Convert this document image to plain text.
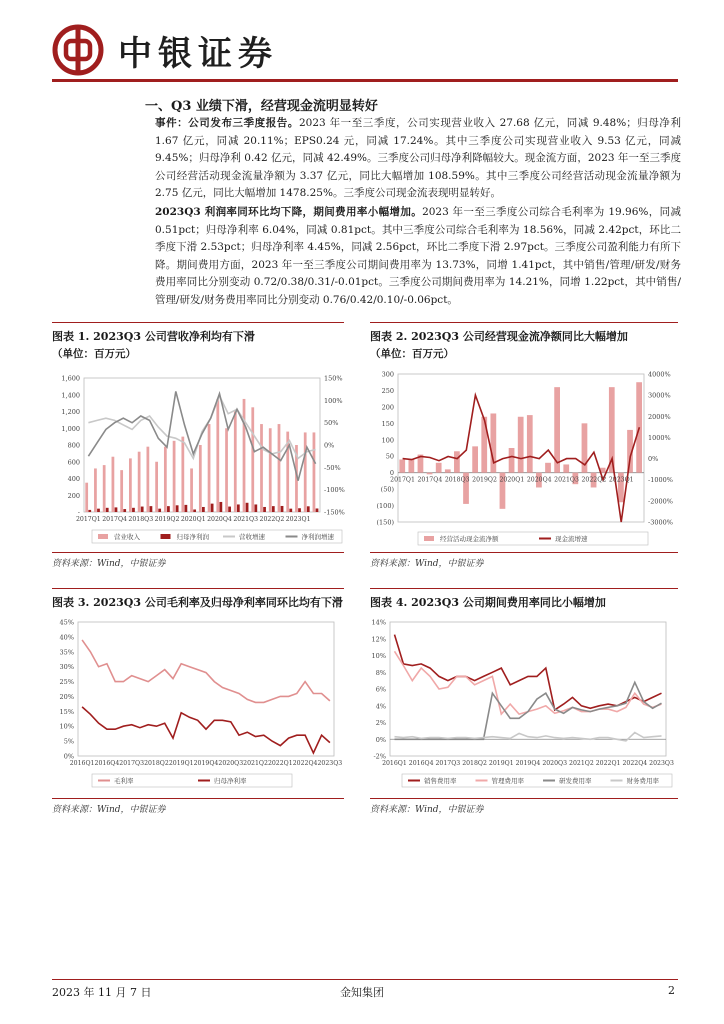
中银证券
一、Q3 业绩下滑，经营现金流明显转好
事件：公司发布三季度报告。2023 年一至三季度，公司实现营业收入 27.68 亿元，同减 9.48%；归母净利 1.67 亿元，同减 20.11%；EPS0.24 元，同减 17.24%。其中三季度公司实现营业收入 9.53 亿元，同减 9.45%；归母净利 0.42 亿元，同减 42.49%。三季度公司归母净利降幅较大。现金流方面，2023 年一至三季度公司经营活动现金流量净额为 3.37 亿元，同比大幅增加 108.59%。其中三季度公司经营活动现金流量净额为 2.75 亿元，同比大幅增加 1478.25%。三季度公司现金流表现明显转好。
2023Q3 利润率同环比均下降，期间费用率小幅增加。2023 年一至三季度公司综合毛利率为 19.96%，同减 0.51pct；归母净利率 6.04%，同减 0.81pct。其中三季度公司综合毛利率为 18.56%，同减 2.42pct，环比二季度下滑 2.53pct；归母净利率 4.45%，同减 2.56pct，环比二季度下滑 2.97pct。三季度公司盈利能力有所下降。期间费用方面，2023 年一至三季度公司期间费用率为 13.73%，同增 1.41pct，其中销售/管理/研发/财务费用率同比分别变动 0.72/0.38/0.31/-0.01pct。三季度公司期间费用率为 14.21%，同增 1.22pct，其中销售/管理/研发/财务费用率同比分别变动 0.76/0.42/0.10/-0.06pct。
图表 1. 2023Q3 公司营收净利均有下滑
（单位：百万元）
-
200
400
600
800
1,000
1,200
1,400
1,600
-150%
-100%
-50%
0%
50%
100%
150%
2017Q1 2017Q4 2018Q3 2019Q2 2020Q1 2020Q4 2021Q3 2022Q2 2023Q1
营业收入	归母净利润	营收增速	净利润增速
资料来源：Wind，中银证券
图表 2. 2023Q3 公司经营现金流净额同比大幅增加
（单位：百万元）
(150)
(100)
(50)
0
50
100
150
200
250
300
-3000%
-2000%
-1000%
0%
1000%
2000%
3000%
4000%
2017Q1 2017Q4 2018Q3 2019Q2 2020Q1 2020Q4 2021Q3 2022Q2 2023Q1
经营活动现金流净额	现金流增速
资料来源：Wind，中银证券
图表 3. 2023Q3 公司毛利率及归母净利率同环比均有下滑
0%
5%
10%
15%
20%
25%
30%
35%
40%
45%
2016Q1 2016Q4 2017Q3 2018Q2 2019Q1 2019Q4 2020Q3 2021Q2 2022Q1 2022Q4 2023Q3
毛利率	归母净利率
资料来源：Wind，中银证券
图表 4. 2023Q3 公司期间费用率同比小幅增加
-2%
0%
2%
4%
6%
8%
10%
12%
14%
2016Q1 2016Q4 2017Q3 2018Q2 2019Q1 2019Q4 2020Q3 2021Q2 2022Q1 2022Q4 2023Q3
销售费用率	管理费用率	研发费用率	财务费用率
资料来源：Wind，中银证券
2023 年 11 月 7 日	金知集团	2
